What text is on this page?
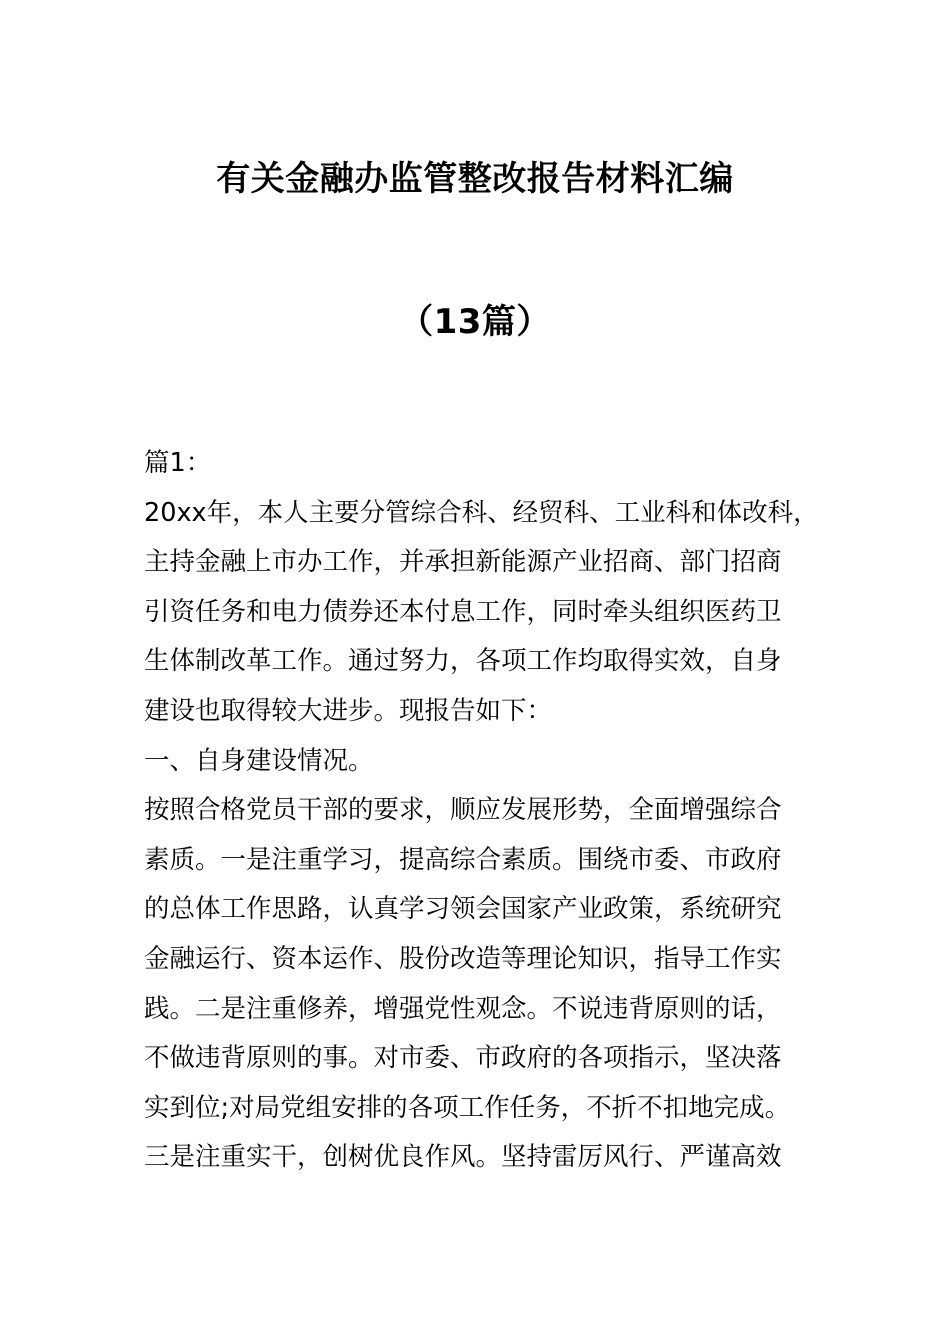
有关金融办监管整改报告材料汇编
（13篇）
篇1：
20xx年，本人主要分管综合科、经贸科、工业科和体改科，
主持金融上市办工作，并承担新能源产业招商、部门招商
引资任务和电力债券还本付息工作，同时牵头组织医药卫
生体制改革工作。通过努力，各项工作均取得实效，自身
建设也取得较大进步。现报告如下：
一、自身建设情况。
按照合格党员干部的要求，顺应发展形势，全面增强综合
素质。一是注重学习，提高综合素质。围绕市委、市政府
的总体工作思路，认真学习领会国家产业政策，系统研究
金融运行、资本运作、股份改造等理论知识，指导工作实
践。二是注重修养，增强党性观念。不说违背原则的话，
不做违背原则的事。对市委、市政府的各项指示，坚决落
实到位;对局党组安排的各项工作任务，不折不扣地完成。
三是注重实干，创树优良作风。坚持雷厉风行、严谨高效
